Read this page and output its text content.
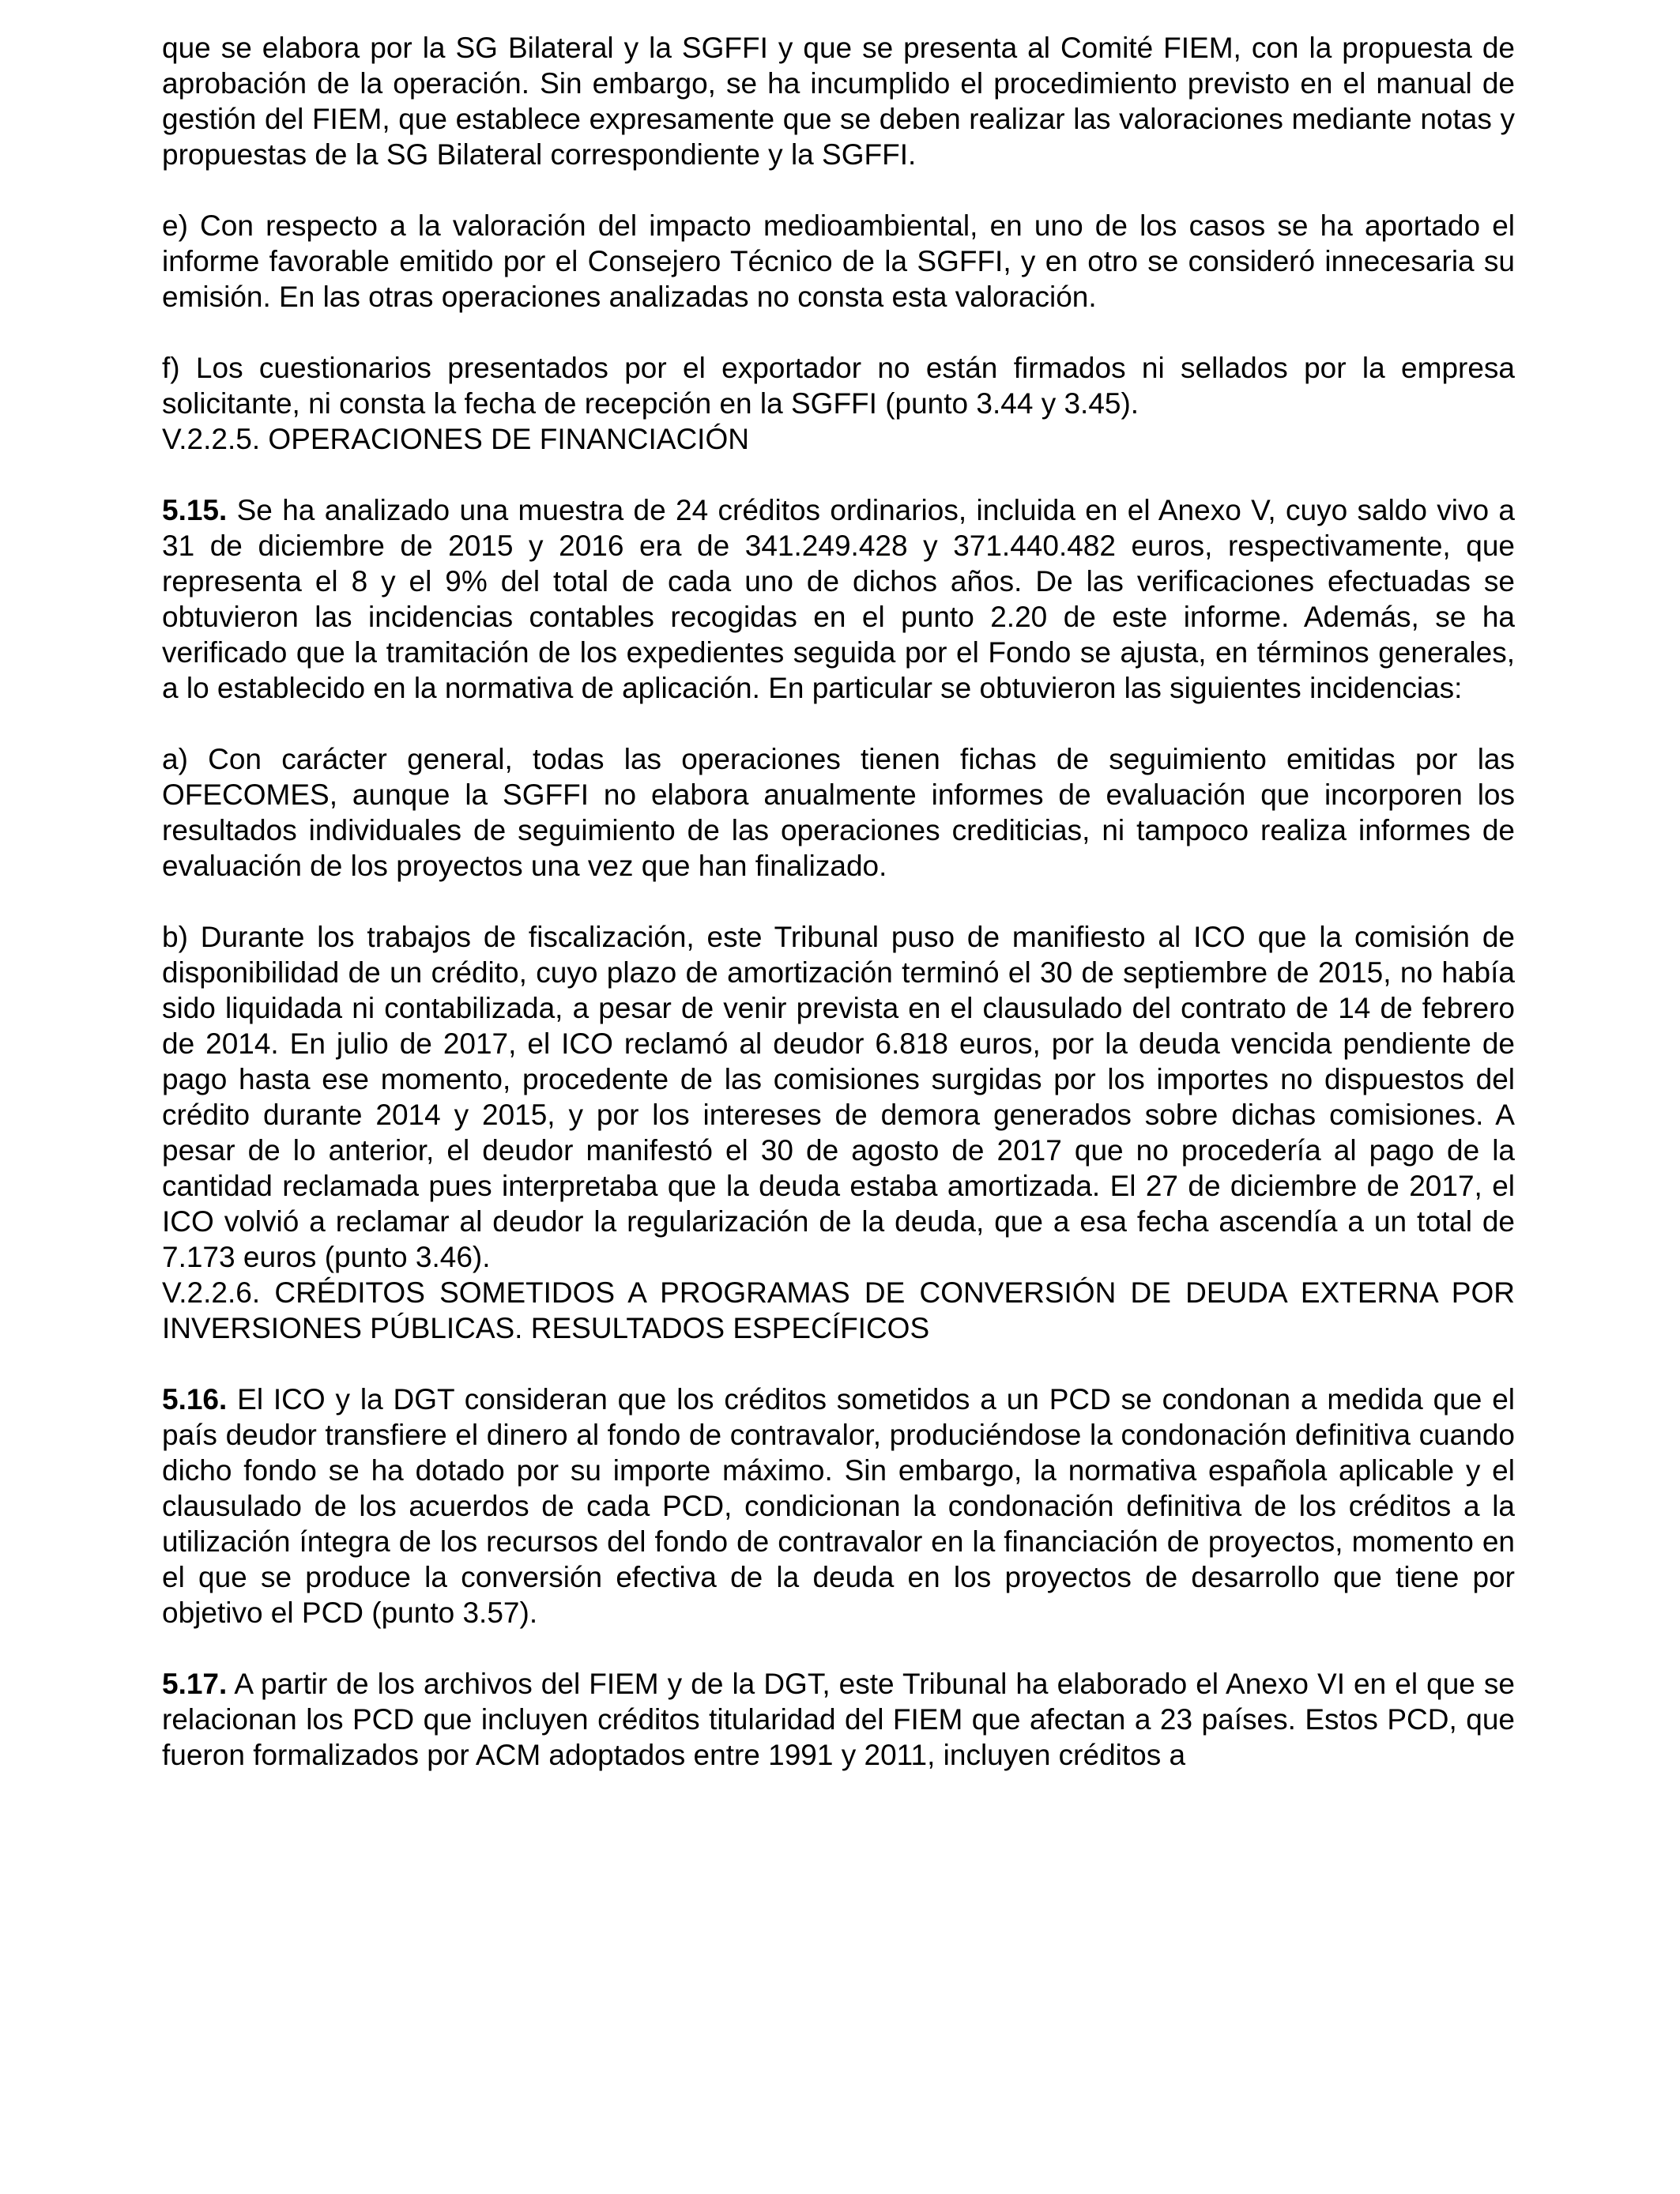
que se elabora por la SG Bilateral y la SGFFI y que se presenta al Comité FIEM, con la propuesta de aprobación de la operación. Sin embargo, se ha incumplido el procedimiento previsto en el manual de gestión del FIEM, que establece expresamente que se deben realizar las valoraciones mediante notas y propuestas de la SG Bilateral correspondiente y la SGFFI.

e) Con respecto a la valoración del impacto medioambiental, en uno de los casos se ha aportado el informe favorable emitido por el Consejero Técnico de la SGFFI, y en otro se consideró innecesaria su emisión. En las otras operaciones analizadas no consta esta valoración.

f) Los cuestionarios presentados por el exportador no están firmados ni sellados por la empresa solicitante, ni consta la fecha de recepción en la SGFFI (punto 3.44 y 3.45).

V.2.2.5. OPERACIONES DE FINANCIACIÓN

5.15. Se ha analizado una muestra de 24 créditos ordinarios, incluida en el Anexo V, cuyo saldo vivo a 31 de diciembre de 2015 y 2016 era de 341.249.428 y 371.440.482 euros, respectivamente, que representa el 8 y el 9% del total de cada uno de dichos años. De las verificaciones efectuadas se obtuvieron las incidencias contables recogidas en el punto 2.20 de este informe. Además, se ha verificado que la tramitación de los expedientes seguida por el Fondo se ajusta, en términos generales, a lo establecido en la normativa de aplicación. En particular se obtuvieron las siguientes incidencias:

a) Con carácter general, todas las operaciones tienen fichas de seguimiento emitidas por las OFECOMES, aunque la SGFFI no elabora anualmente informes de evaluación que incorporen los resultados individuales de seguimiento de las operaciones crediticias, ni tampoco realiza informes de evaluación de los proyectos una vez que han finalizado.

b) Durante los trabajos de fiscalización, este Tribunal puso de manifiesto al ICO que la comisión de disponibilidad de un crédito, cuyo plazo de amortización terminó el 30 de septiembre de 2015, no había sido liquidada ni contabilizada, a pesar de venir prevista en el clausulado del contrato de 14 de febrero de 2014. En julio de 2017, el ICO reclamó al deudor 6.818 euros, por la deuda vencida pendiente de pago hasta ese momento, procedente de las comisiones surgidas por los importes no dispuestos del crédito durante 2014 y 2015, y por los intereses de demora generados sobre dichas comisiones. A pesar de lo anterior, el deudor manifestó el 30 de agosto de 2017 que no procedería al pago de la cantidad reclamada pues interpretaba que la deuda estaba amortizada. El 27 de diciembre de 2017, el ICO volvió a reclamar al deudor la regularización de la deuda, que a esa fecha ascendía a un total de 7.173 euros (punto 3.46).

V.2.2.6. CRÉDITOS SOMETIDOS A PROGRAMAS DE CONVERSIÓN DE DEUDA EXTERNA POR INVERSIONES PÚBLICAS. RESULTADOS ESPECÍFICOS

5.16. El ICO y la DGT consideran que los créditos sometidos a un PCD se condonan a medida que el país deudor transfiere el dinero al fondo de contravalor, produciéndose la condonación definitiva cuando dicho fondo se ha dotado por su importe máximo. Sin embargo, la normativa española aplicable y el clausulado de los acuerdos de cada PCD, condicionan la condonación definitiva de los créditos a la utilización íntegra de los recursos del fondo de contravalor en la financiación de proyectos, momento en el que se produce la conversión efectiva de la deuda en los proyectos de desarrollo que tiene por objetivo el PCD (punto 3.57).

5.17. A partir de los archivos del FIEM y de la DGT, este Tribunal ha elaborado el Anexo VI en el que se relacionan los PCD que incluyen créditos titularidad del FIEM que afectan a 23 países. Estos PCD, que fueron formalizados por ACM adoptados entre 1991 y 2011, incluyen créditos a
